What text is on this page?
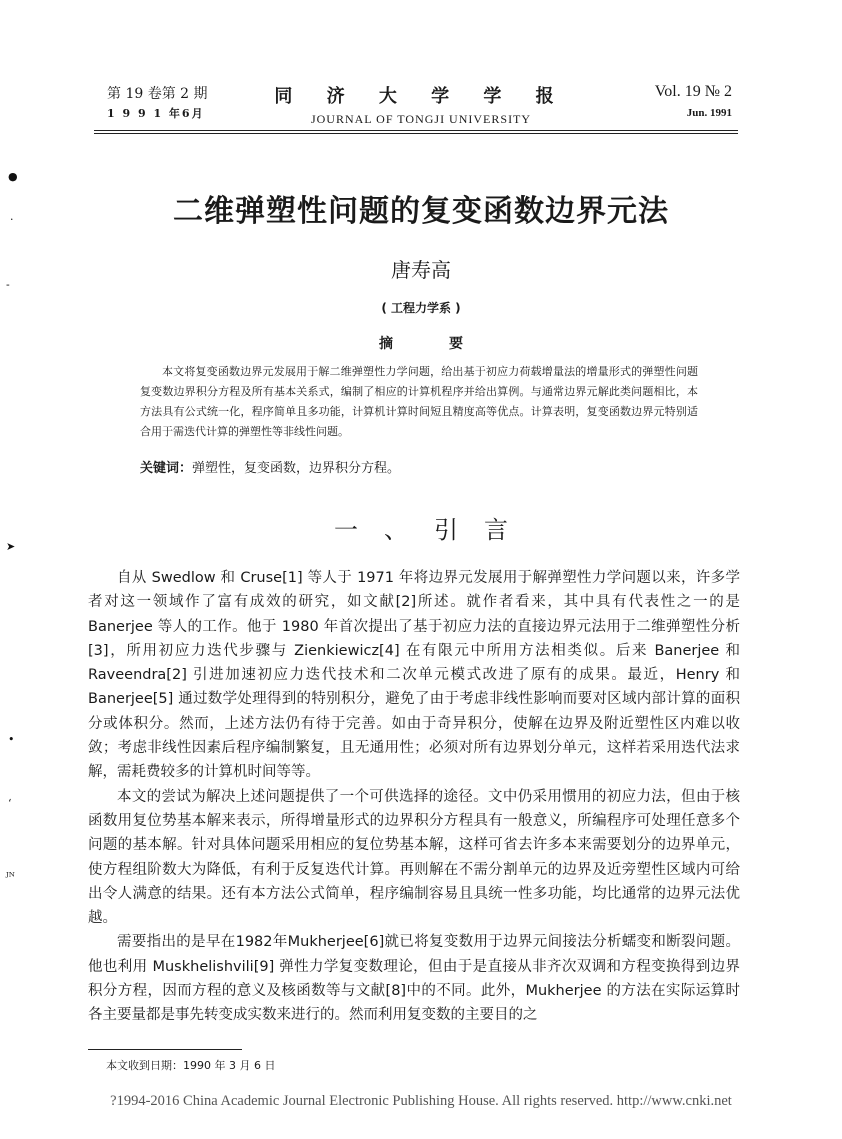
第 19 卷第 2 期
1 9 9 1 年6月
同 济 大 学 学 报
JOURNAL OF TONGJI UNIVERSITY
Vol. 19 № 2
Jun. 1991
二维弹塑性问题的复变函数边界元法
唐寿高
( 工程力学系 )
摘要
本文将复变函数边界元发展用于解二维弹塑性力学问题，给出基于初应力荷载增量法的增量形式的弹塑性问题复变数边界积分方程及所有基本关系式，编制了相应的计算机程序并给出算例。与通常边界元解此类问题相比，本方法具有公式统一化，程序简单且多功能，计算机计算时间短且精度高等优点。计算表明，复变函数边界元特别适合用于需迭代计算的弹塑性等非线性问题。
关键词：弹塑性，复变函数，边界积分方程。
一、引言

自从 Swedlow 和 Cruse[1] 等人于 1971 年将边界元发展用于解弹塑性力学问题以来，许多学者对这一领域作了富有成效的研究，如文献[2]所述。就作者看来，其中具有代表性之一的是 Banerjee 等人的工作。他于 1980 年首次提出了基于初应力法的直接边界元法用于二维弹塑性分析[3]，所用初应力迭代步骤与 Zienkiewicz[4] 在有限元中所用方法相类似。后来 Banerjee 和 Raveendra[2] 引进加速初应力迭代技术和二次单元模式改进了原有的成果。最近，Henry 和 Banerjee[5] 通过数学处理得到的特别积分，避免了由于考虑非线性影响而要对区域内部计算的面积分或体积分。然而，上述方法仍有待于完善。如由于奇异积分，使解在边界及附近塑性区内难以收敛；考虑非线性因素后程序编制繁复，且无通用性；必须对所有边界划分单元，这样若采用迭代法求解，需耗费较多的计算机时间等等。

本文的尝试为解决上述问题提供了一个可供选择的途径。文中仍采用惯用的初应力法，但由于核函数用复位势基本解来表示，所得增量形式的边界积分方程具有一般意义，所编程序可处理任意多个问题的基本解。针对具体问题采用相应的复位势基本解，这样可省去许多本来需要划分的边界单元，使方程组阶数大为降低，有利于反复迭代计算。再则解在不需分割单元的边界及近旁塑性区域内可给出令人满意的结果。还有本方法公式简单，程序编制容易且具统一性多功能，均比通常的边界元法优越。

需要指出的是早在1982年Mukherjee[6]就已将复变数用于边界元间接法分析蠕变和断裂问题。他也利用 Muskhelishvili[9] 弹性力学复变数理论，但由于是直接从非齐次双调和方程变换得到边界积分方程，因而方程的意义及核函数等与文献[8]中的不同。此外，Mukherjee 的方法在实际运算时各主要量都是事先转变成实数来进行的。然而利用复变数的主要目的之

本文收到日期：1990 年 3 月 6 日
?1994-2016 China Academic Journal Electronic Publishing House. All rights reserved. http://www.cnki.net
●
·
-
➤
•
‘
ᴶᴺ
